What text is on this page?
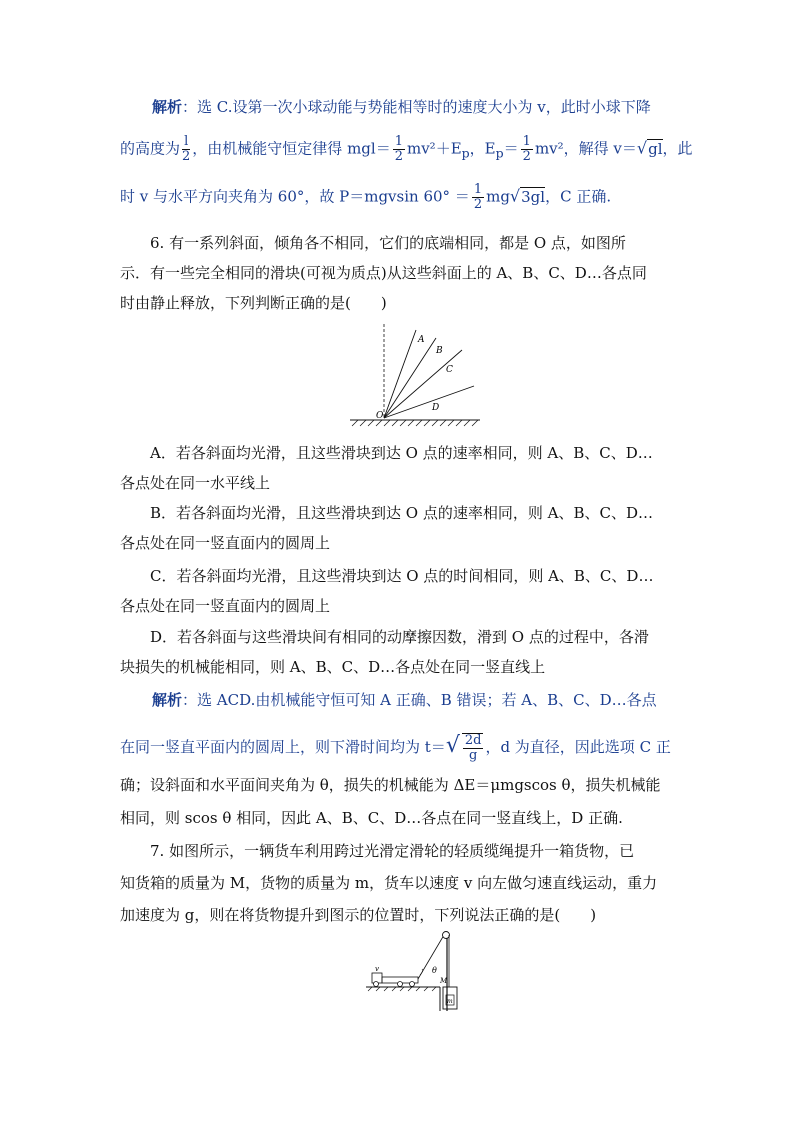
解析：选 C.设第一次小球动能与势能相等时的速度大小为 v，此时小球下降
的高度为 $\frac{l}{2}$ ，由机械能守恒定律得 $mgl= \frac{1}{2} mv^2+E_p$，$E_p= \frac{1}{2} mv^2$，解得 v＝√gl，此
时 v 与水平方向夹角为 60°，故 P＝mgvsin $60^\circ = \frac{1}{2} mg√3gl$，C 正确.
6. 有一系列斜面，倾角各不相同，它们的底端相同，都是 O 点，如图所
示．有一些完全相同的滑块(可视为质点)从这些斜面上的 A、B、C、D…各点同
时由静止释放，下列判断正确的是(　　)
A
B
C
D
O
A．若各斜面均光滑，且这些滑块到达 O 点的速率相同，则 A、B、C、D…
各点处在同一水平线上
B．若各斜面均光滑，且这些滑块到达 O 点的速率相同，则 A、B、C、D…
各点处在同一竖直面内的圆周上
C．若各斜面均光滑，且这些滑块到达 O 点的时间相同，则 A、B、C、D…
各点处在同一竖直面内的圆周上
D．若各斜面与这些滑块间有相同的动摩擦因数，滑到 O 点的过程中，各滑
块损失的机械能相同，则 A、B、C、D…各点处在同一竖直线上
解析：选 ACD.由机械能守恒可知 A 正确、B 错误；若 A、B、C、D…各点
在同一竖直平面内的圆周上，则下滑时间均为 $t=√ \frac{2d}{g}$ ，d 为直径，因此选项 C 正
确；设斜面和水平面间夹角为 θ，损失的机械能为 ΔE＝μmgscos θ，损失机械能
相同，则 scos θ 相同，因此 A、B、C、D…各点在同一竖直线上，D 正确.
7. 如图所示，一辆货车利用跨过光滑定滑轮的轻质缆绳提升一箱货物，已
知货箱的质量为 M，货物的质量为 m，货车以速度 v 向左做匀速直线运动，重力
加速度为 g，则在将货物提升到图示的位置时，下列说法正确的是(　　)
v	θ
M
m
